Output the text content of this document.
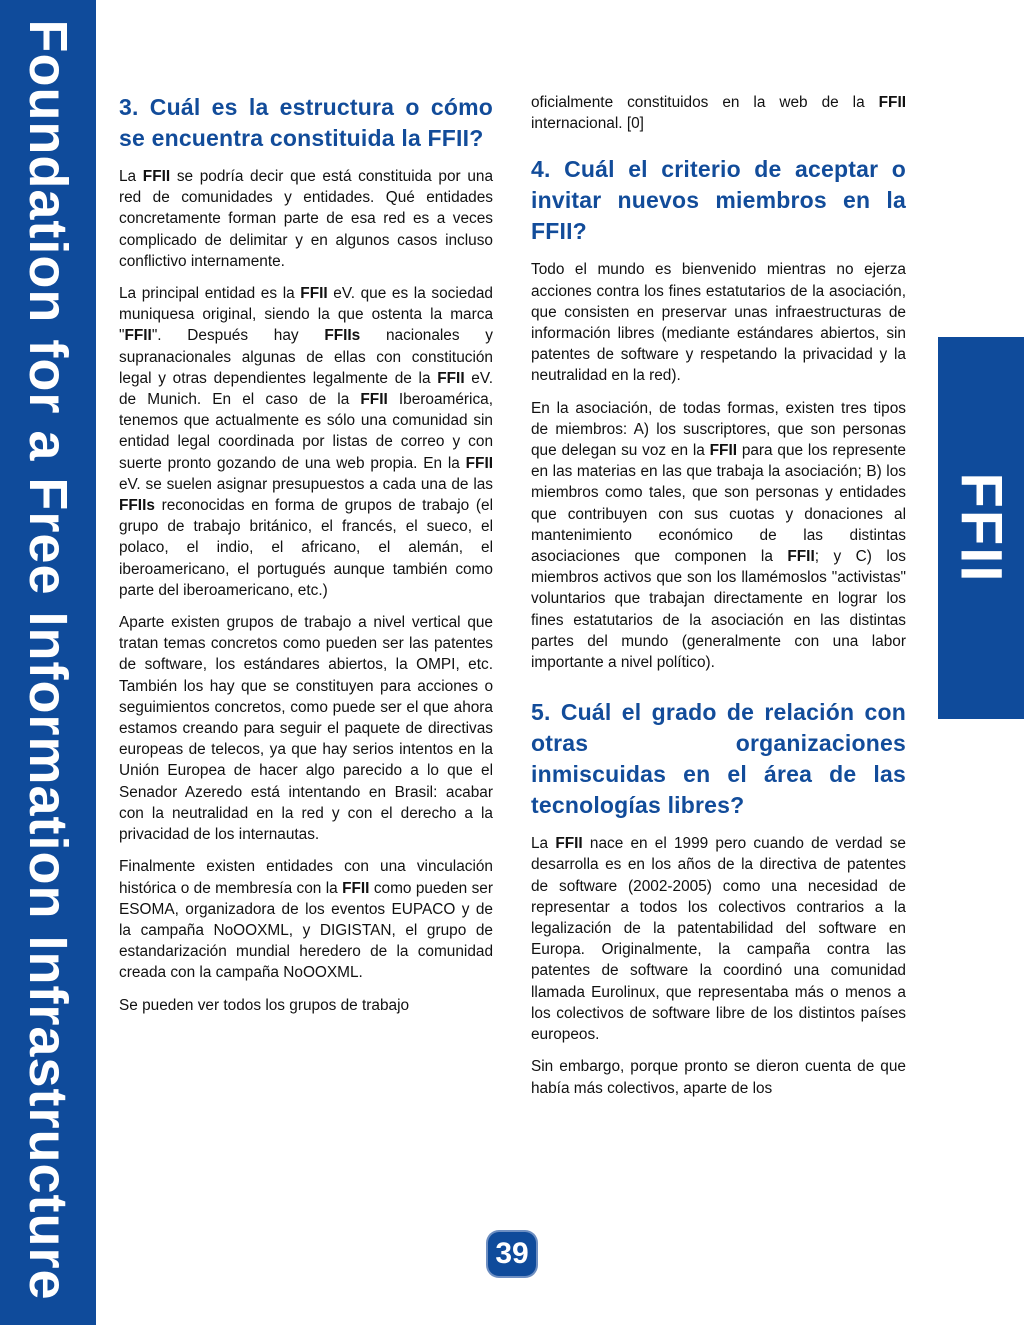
Foundation for a Free Information Infrastructure	FFII
3. Cuál es la estructura o cómo se encuentra constituida la FFII?

La FFII se podría decir que está constituida por una red de comunidades y entidades. Qué entidades concretamente forman parte de esa red es a veces complicado de delimitar y en algunos casos incluso conflictivo internamente.

La principal entidad es la FFII eV. que es la sociedad muniquesa original, siendo la que ostenta la marca "FFII". Después hay FFIIs nacionales y supranacionales algunas de ellas con constitución legal y otras dependientes legalmente de la FFII eV. de Munich. En el caso de la FFII Iberoamérica, tenemos que actualmente es sólo una comunidad sin entidad legal coordinada por listas de correo y con suerte pronto gozando de una web propia. En la FFII eV. se suelen asignar presupuestos a cada una de las FFIIs reconocidas en forma de grupos de trabajo (el grupo de trabajo británico, el francés, el sueco, el polaco, el indio, el africano, el alemán, el iberoamericano, el portugués aunque también como parte del iberoamericano, etc.)

Aparte existen grupos de trabajo a nivel vertical que tratan temas concretos como pueden ser las patentes de software, los estándares abiertos, la OMPI, etc. También los hay que se constituyen para acciones o seguimientos concretos, como puede ser el que ahora estamos creando para seguir el paquete de directivas europeas de telecos, ya que hay serios intentos en la Unión Europea de hacer algo parecido a lo que el Senador Azeredo está intentando en Brasil: acabar con la neutralidad en la red y con el derecho a la privacidad de los internautas.

Finalmente existen entidades con una vinculación histórica o de membresía con la FFII como pueden ser ESOMA, organizadora de los eventos EUPACO y de la campaña NoOOXML, y DIGISTAN, el grupo de estandarización mundial heredero de la comunidad creada con la campaña NoOOXML.

Se pueden ver todos los grupos de trabajo

oficialmente constituidos en la web de la FFII internacional. [0]

4. Cuál el criterio de aceptar o invitar nuevos miembros en la FFII?

Todo el mundo es bienvenido mientras no ejerza acciones contra los fines estatutarios de la asociación, que consisten en preservar unas infraestructuras de información libres (mediante estándares abiertos, sin patentes de software y respetando la privacidad y la neutralidad en la red).

En la asociación, de todas formas, existen tres tipos de miembros: A) los suscriptores, que son personas que delegan su voz en la FFII para que los represente en las materias en las que trabaja la asociación; B) los miembros como tales, que son personas y entidades que contribuyen con sus cuotas y donaciones al mantenimiento económico de las distintas asociaciones que componen la FFII; y C) los miembros activos que son los llamémoslos "activistas" voluntarios que trabajan directamente en lograr los fines estatutarios de la asociación en las distintas partes del mundo (generalmente con una labor importante a nivel político).

5. Cuál el grado de relación con otras organizaciones inmiscuidas en el área de las tecnologías libres?

La FFII nace en el 1999 pero cuando de verdad se desarrolla es en los años de la directiva de patentes de software (2002-2005) como una necesidad de representar a todos los colectivos contrarios a la legalización de la patentabilidad del software en Europa. Originalmente, la campaña contra las patentes de software la coordinó una comunidad llamada Eurolinux, que representaba más o menos a los colectivos de software libre de los distintos países europeos.

Sin embargo, porque pronto se dieron cuenta de que había más colectivos, aparte de los

39
